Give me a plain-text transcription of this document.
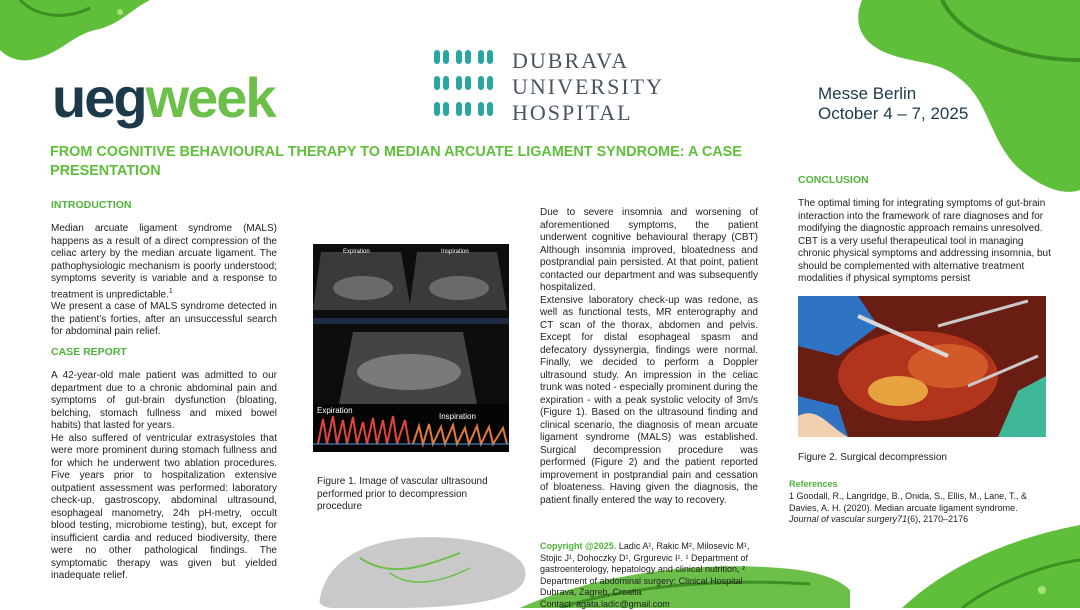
uegweek
DUBRAVA
UNIVERSITY
HOSPITAL
Messe Berlin
October 4 – 7, 2025
FROM COGNITIVE BEHAVIOURAL THERAPY TO MEDIAN ARCUATE LIGAMENT SYNDROME: A CASE PRESENTATION
INTRODUCTION

Median arcuate ligament syndrome (MALS) happens as a result of a direct compression of the celiac artery by the median arcuate ligament. The pathophysiologic mechanism is poorly understood; symptoms severity is variable and a response to treatment is unpredictable.$^1$

We present a case of MALS syndrome detected in the patient’s forties, after an unsuccessful search for abdominal pain relief.

CASE REPORT

A 42-year-old male patient was admitted to our department due to a chronic abdominal pain and symptoms of gut-brain dysfunction (bloating, belching, stomach fullness and mixed bowel habits) that lasted for years.

He also suffered of ventricular extrasystoles that were more prominent during stomach fullness and for which he underwent two ablation procedures. Five years prior to hospitalization extensive outpatient assessment was performed: laboratory check-up, gastroscopy, abdominal ultrasound, esophageal manometry, 24h pH-metry, occult blood testing, microbiome testing), but, except for insufficient cardia and reduced biodiversity, there were no other pathological findings. The symptomatic therapy was given but yielded inadequate relief.

Expiration	Inspiration
Expiration
Inspiration
Figure 1. Image of vascular ultrasound performed prior to decompression procedure

Due to severe insomnia and worsening of aforementioned symptoms, the patient underwent cognitive behavioural therapy (CBT) Although insomnia improved, bloatedness and postprandial pain persisted. At that point, patient contacted our department and was subsequently hospitalized.

Extensive laboratory check-up was redone, as well as functional tests, MR enterography and CT scan of the thorax, abdomen and pelvis. Except for distal esophageal spasm and defecatory dyssynergia, findings were normal. Finally, we decided to perform a Doppler ultrasound study. An impression in the celiac trunk was noted - especially prominent during the expiration - with a peak systolic velocity of 3m/s (Figure 1). Based on the ultrasound finding and clinical scenario, the diagnosis of mean arcuate ligament syndrome (MALS) was established. Surgical decompression procedure was performed (Figure 2) and the patient reported improvement in postprandial pain and cessation of bloateness. Having given the diagnosis, the patient finally entered the way to recovery.

Copyright @2025. Ladic A¹, Rakic M², Milosevic M¹, Stojic J¹, Dohoczky D¹, Grgurevic I¹. ¹ Department of gastroenterology, hepatology and clinical nutrition, ² Department of abdominal surgery; Clinical Hospital Dubrava, Zagreb, Croatia
Contact: agata.ladic@gmail.com
CONCLUSION
The optimal timing for integrating symptoms of gut-brain interaction into the framework of rare diagnoses and for modifying the diagnostic approach remains unresolved. CBT is a very useful therapeutical tool in managing chronic physical symptoms and addressing insomnia, but should be complemented with alternative treatment modalities if physical symptoms persist
Figure 2. Surgical decompression
References
1 Goodall, R., Langridge, B., Onida, S., Ellis, M., Lane, T., & Davies, A. H. (2020). Median arcuate ligament syndrome. Journal of vascular surgery71(6), 2170–2176
